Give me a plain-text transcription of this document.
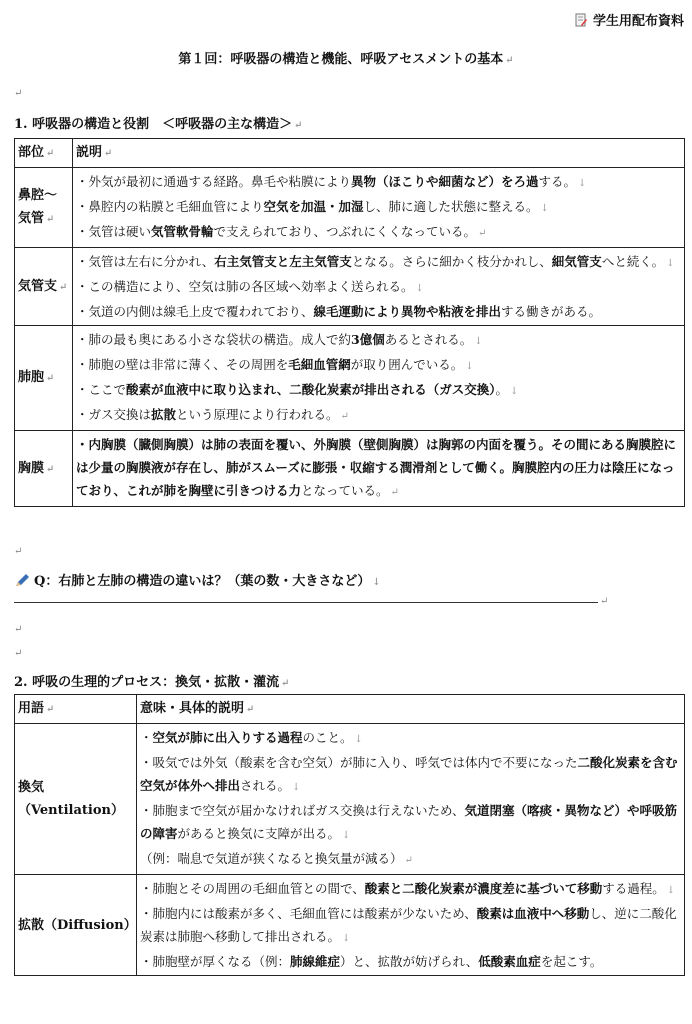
学生用配布資料
第１回：呼吸器の構造と機能、呼吸アセスメントの基本 ↵
↵
1. 呼吸器の構造と役割　＜呼吸器の主な構造＞ ↵
部位 ↵	説明 ↵
鼻腔～気管 ↵	・外気が最初に通過する経路。鼻毛や粘膜により異物（ほこりや細菌など）をろ過する。 ↓
・鼻腔内の粘膜と毛細血管により空気を加温・加湿し、肺に適した状態に整える。 ↓
・気管は硬い気管軟骨輪で支えられており、つぶれにくくなっている。 ↵

気管支 ↵	・気管は左右に分かれ、右主気管支と左主気管支となる。さらに細かく枝分かれし、細気管支へと続く。 ↓
・この構造により、空気は肺の各区域へ効率よく送られる。 ↓
・気道の内側は線毛上皮で覆われており、線毛運動により異物や粘液を排出する働きがある。

肺胞 ↵	・肺の最も奥にある小さな袋状の構造。成人で約3億個あるとされる。 ↓
・肺胞の壁は非常に薄く、その周囲を毛細血管網が取り囲んでいる。 ↓
・ここで酸素が血液中に取り込まれ、二酸化炭素が排出される（ガス交換）。 ↓
・ガス交換は拡散という原理により行われる。 ↵

胸膜 ↵	・内胸膜（臓側胸膜）は肺の表面を覆い、外胸膜（壁側胸膜）は胸郭の内面を覆う。その間にある胸膜腔には少量の胸膜液が存在し、肺がスムーズに膨張・収縮する潤滑剤として働く。胸膜腔内の圧力は陰圧になっており、これが肺を胸壁に引きつける力となっている。 ↵
↵
Q：右肺と左肺の構造の違いは？（葉の数・大きさなど） ↓
↵
↵
↵
2. 呼吸の生理的プロセス：換気・拡散・灌流 ↵
用語 ↵	意味・具体的説明 ↵
換気（Ventilation）	・空気が肺に出入りする過程のこと。 ↓
・吸気では外気（酸素を含む空気）が肺に入り、呼気では体内で不要になった二酸化炭素を含む空気が体外へ排出される。 ↓
・肺胞まで空気が届かなければガス交換は行えないため、気道閉塞（喀痰・異物など）や呼吸筋の障害があると換気に支障が出る。 ↓
（例：喘息で気道が狭くなると換気量が減る） ↵

拡散（Diffusion）	・肺胞とその周囲の毛細血管との間で、酸素と二酸化炭素が濃度差に基づいて移動する過程。 ↓
・肺胞内には酸素が多く、毛細血管には酸素が少ないため、酸素は血液中へ移動し、逆に二酸化炭素は肺胞へ移動して排出される。 ↓
・肺胞壁が厚くなる（例：肺線維症）と、拡散が妨げられ、低酸素血症を起こす。
